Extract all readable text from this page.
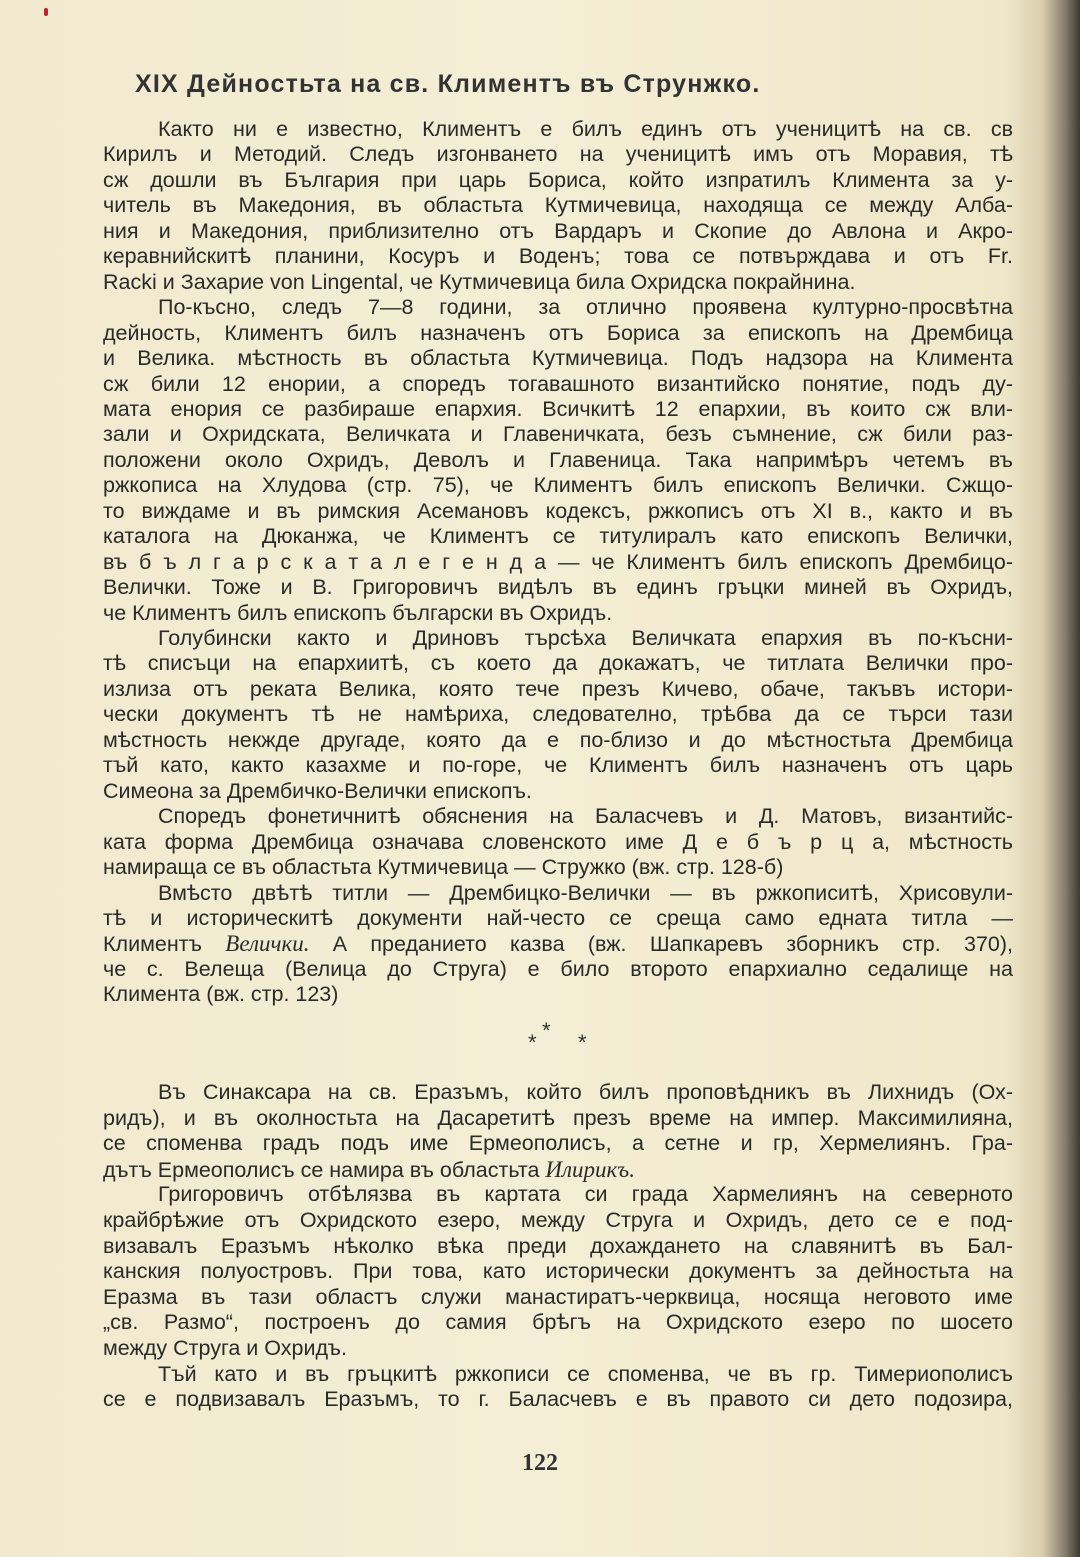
XIX Дейностьта на св. Климентъ въ Струнжко.
Както ни е известно, Климентъ е билъ единъ отъ ученицитѣ на св. св
Кирилъ и Методий. Следъ изгонването на ученицитѣ имъ отъ Моравия, тѣ
сж дошли въ България при царь Бориса, който изпратилъ Климента за у-
читель въ Македония, въ областьта Кутмичевица, находяща се между Алба-
ния и Македония, приблизително отъ Вардаръ и Скопие до Авлона и Акро-
керавнийскитѣ планини, Косуръ и Воденъ; това се потвърждава и отъ Fr.
Racki и Захарие von Lingental, че Кутмичевица била Охридска покрайнина.
По-късно, следъ 7—8 години, за отлично проявена културно-просвѣтна
дейность, Климентъ билъ назначенъ отъ Бориса за епископъ на Дрембица
и Велика. мѣстность въ областьта Кутмичевица. Подъ надзора на Климента
сж били 12 енории, а споредъ тогавашното византийско понятие, подъ ду-
мата енория се разбираше епархия. Всичкитѣ 12 епархии, въ които сж вли-
зали и Охридската, Величката и Главеничката, безъ съмнение, сж били раз-
положени около Охридъ, Деволъ и Главеница. Така напримѣръ четемъ въ
ржкописа на Хлудова (стр. 75), че Климентъ билъ епископъ Велички. Сжщо-
то виждаме и въ римския Асемановъ кодексъ, ржкописъ отъ XI в., както и въ
каталога на Дюканжа, че Климентъ се титулиралъ като епископъ Велички,
въ б ъ л г а р с к а т а л е г е н д а — че Климентъ билъ епископъ Дрембицо-
Велички. Тоже и В. Григоровичъ видѣлъ въ единъ гръцки миней въ Охридъ,
че Климентъ билъ епископъ български въ Охридъ.
Голубински както и Дриновъ търсѣха Величката епархия въ по-късни-
тѣ списъци на епархиитѣ, съ което да докажатъ, че титлата Велички про-
излиза отъ реката Велика, която тече презъ Кичево, обаче, такъвъ истори-
чески документъ тѣ не намѣриха, следователно, трѣбва да се търси тази
мѣстность некжде другаде, която да е по-близо и до мѣстностьта Дрембица
тъй като, както казахме и по-горе, че Климентъ билъ назначенъ отъ царь
Симеона за Дрембичко-Велички епископъ.
Споредъ фонетичнитѣ обяснения на Баласчевъ и Д. Матовъ, византийс-
ката форма Дрембица означава словенското име Д е б ъ р ц а, мѣстность
намираща се въ областьта Кутмичевица — Стружко (вж. стр. 128-б)
Вмѣсто двѣтѣ титли — Дрембицко-Велички — въ ржкописитѣ, Хрисовули-
тѣ и историческитѣ документи най-често се среща само едната титла —
Климентъ Велички. А преданието казва (вж. Шапкаревъ зборникъ стр. 370),
че с. Велеща (Велица до Струга) е било второто епархиално седалище на
Климента (вж. стр. 123)
*
* *
Въ Синаксара на св. Еразъмъ, който билъ проповѣдникъ въ Лихнидъ (Ох-
ридъ), и въ околностьта на Дасаретитѣ презъ време на импер. Максимилияна,
се споменва градъ подъ име Ермеополисъ, а сетне и гр, Хермелиянъ. Гра-
дътъ Ермеополисъ се намира въ областьта Илирикъ.
Григоровичъ отбѣлязва въ картата си града Хармелиянъ на северното
крайбрѣжие отъ Охридското езеро, между Струга и Охридъ, дето се е под-
визавалъ Еразъмъ нѣколко вѣка преди дохаждането на славянитѣ въ Бал-
канския полуостровъ. При това, като исторически документъ за дейностьта на
Еразма въ тази областъ служи манастиратъ-черквица, носяща неговото име
„св. Размо“, построенъ до самия брѣгъ на Охридското езеро по шосето
между Струга и Охридъ.
Тъй като и въ гръцкитѣ ржкописи се споменва, че въ гр. Тимериополисъ
се е подвизавалъ Еразъмъ, то г. Баласчевъ е въ правото си дето подозира,
122
